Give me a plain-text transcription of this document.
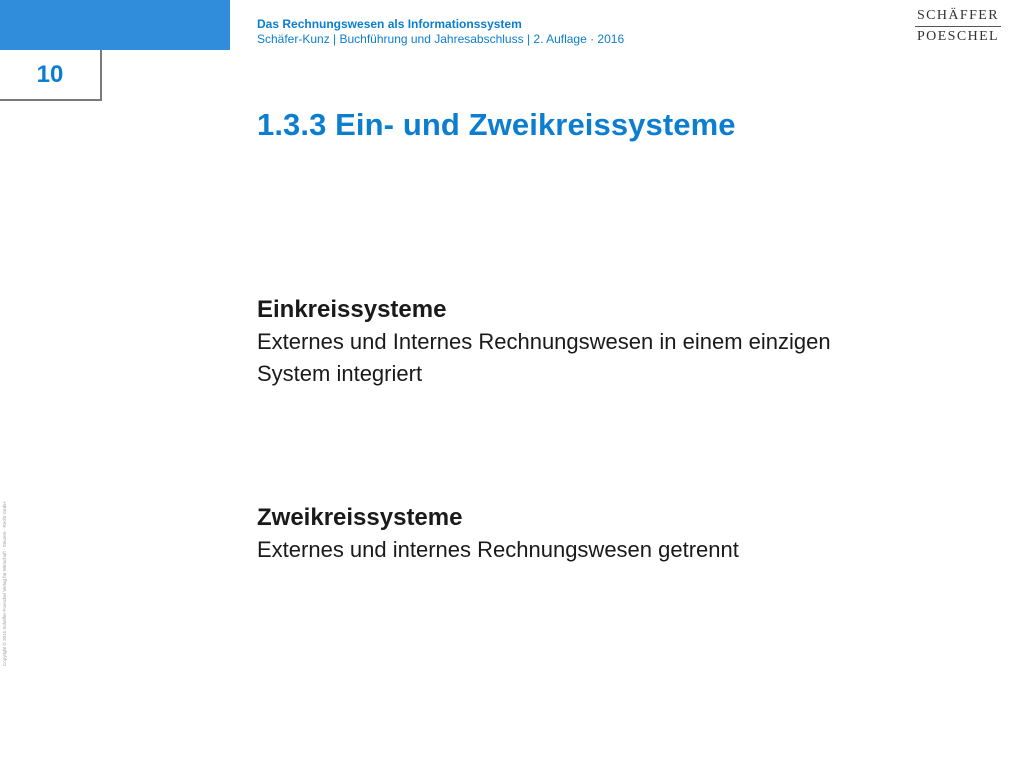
10
Das Rechnungswesen als Informationssystem
Schäfer-Kunz | Buchführung und Jahresabschluss | 2. Auflage · 2016
SCHÄFFER
POESCHEL
1.3.3 Ein- und Zweikreissysteme
Einkreissysteme
Externes und Internes Rechnungswesen in einem einzigen System integriert
Zweikreissysteme
Externes und internes Rechnungswesen getrennt
Copyright © 2015 Schäffer-Poeschel Verlag für Wirtschaft · Steuern · Recht GmbH
